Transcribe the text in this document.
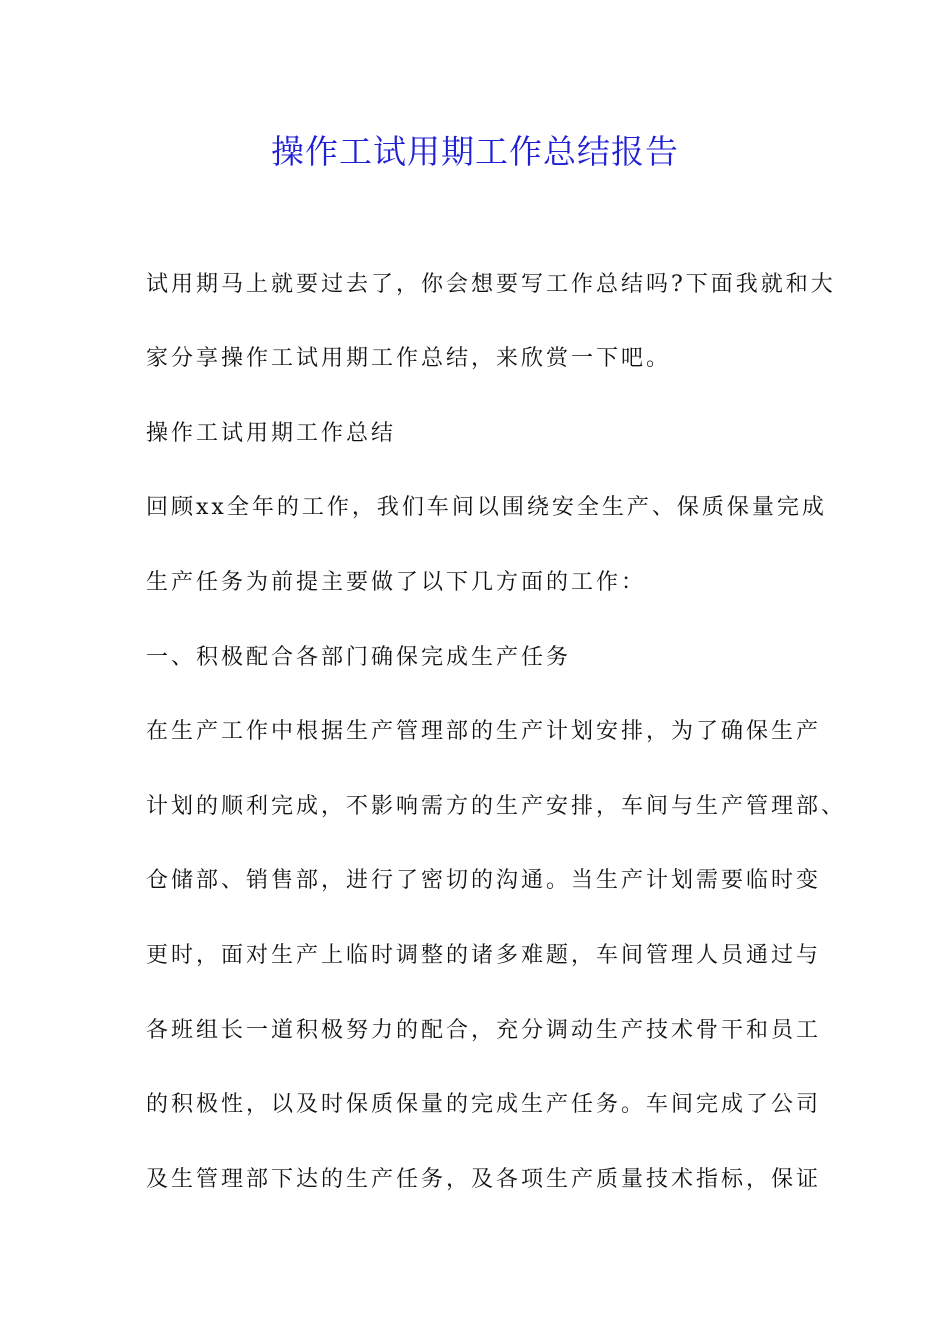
操作工试用期工作总结报告
试用期马上就要过去了，你会想要写工作总结吗?下面我就和大
家分享操作工试用期工作总结，来欣赏一下吧。
操作工试用期工作总结
回顾xx全年的工作，我们车间以围绕安全生产、保质保量完成
生产任务为前提主要做了以下几方面的工作：
一、积极配合各部门确保完成生产任务
在生产工作中根据生产管理部的生产计划安排，为了确保生产
计划的顺利完成，不影响需方的生产安排，车间与生产管理部、
仓储部、销售部，进行了密切的沟通。当生产计划需要临时变
更时，面对生产上临时调整的诸多难题，车间管理人员通过与
各班组长一道积极努力的配合，充分调动生产技术骨干和员工
的积极性，以及时保质保量的完成生产任务。车间完成了公司
及生管理部下达的生产任务，及各项生产质量技术指标，保证
